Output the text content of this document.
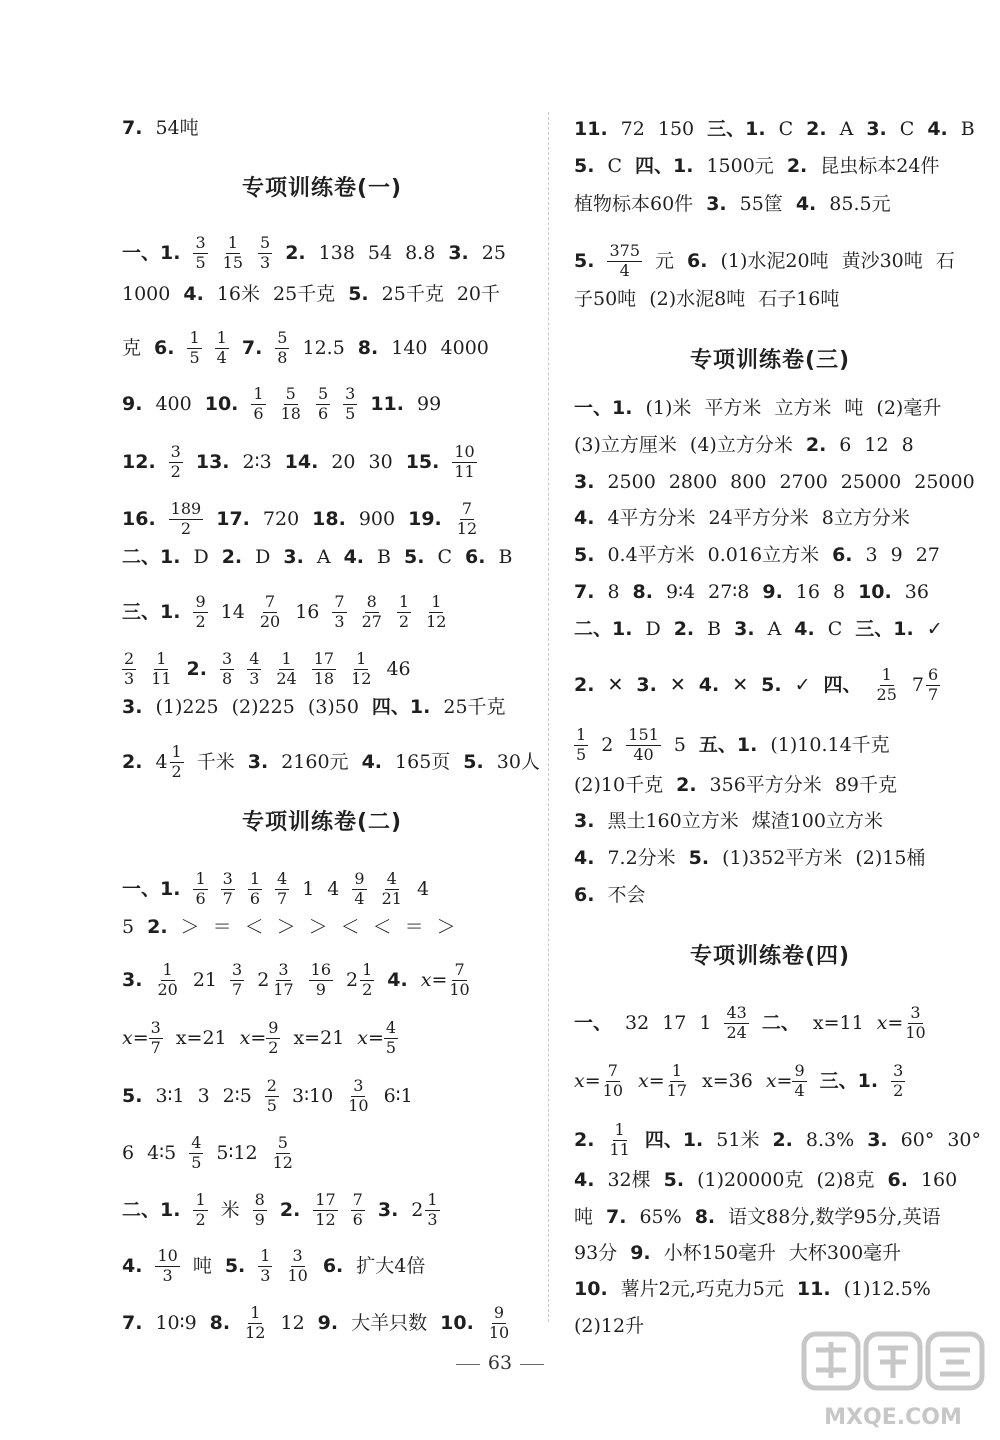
7. 54吨
专项训练卷(一)
一、1. $\frac{3}{5} \frac{1}{15} \frac{5}{3} 2$. 138 54 8.8 3. 25
1000 4. 16米 25千克 5. 25千克 20千
克 6. $\frac{1}{5} \frac{1}{4} 7$. $\frac{5}{8} 12.5$ 8. 140 4000
9. 400 10. $\frac{1}{6} \frac{5}{18} \frac{5}{6} \frac{3}{5} 11$. 99
12. $\frac{3}{2} 13$. 2∶3 14. 20 30 15. $\frac{10}{11}$
16. $\frac{189}{2} 17$. 720 18. 900 19. $\frac{7}{12}$
二、1. D 2. D 3. A 4. B 5. C 6. B
三、1. $\frac{9}{2} 14 \frac{7}{20} 16 \frac{7}{3} \frac{8}{27} \frac{1}{2} \frac{1}{12}$
$\frac{2}{3} \frac{1}{11} 2$. $\frac{3}{8} \frac{4}{3} \frac{1}{24} \frac{17}{18} \frac{1}{12} 46$
3. (1)225 (2)225 (3)50 四、1. 25千克
2. $4 \frac{1}{2}$ 千米 3. 2160元 4. 165页 5. 30人
专项训练卷(二)
一、1. $\frac{1}{6} \frac{3}{7} \frac{1}{6} \frac{4}{7} 1$ $4 \frac{9}{4} \frac{4}{21} 4$
5 2. ＞ ＝ ＜ ＞ ＞ ＜ ＜ ＝ ＞
3. $\frac{1}{20} 21 \frac{3}{7} 2 \frac{3}{17} \frac{16}{9} 2 \frac{1}{2} 4$. $x= \frac{7}{10}$
$x= \frac{3}{7} x=21$ $x= \frac{9}{2} x=21$ $x= \frac{4}{5}$
5. 3∶1 3 2∶5 $\frac{2}{5}$ 3∶10 $\frac{3}{10}$ 6∶1
6 4∶5 $\frac{4}{5}$ 5∶12 $\frac{5}{12}$
二、1. $\frac{1}{2}$ 米 $\frac{8}{9} 2$. $\frac{17}{12} \frac{7}{6} 3$. $2 \frac{1}{3}$
4. $\frac{10}{3}$ 吨 5. $\frac{1}{3} \frac{3}{10} 6$. 扩大4倍
7. 10∶9 8. $\frac{1}{12} 12$ 9. 大羊只数 10. $\frac{9}{10}$
11. 72 150 三、1. C 2. A 3. C 4. B
5. C 四、1. 1500元 2. 昆虫标本24件
植物标本60件 3. 55筐 4. 85.5元
5. $\frac{375}{4}$ 元 6. (1)水泥20吨 黄沙30吨 石
子50吨 (2)水泥8吨 石子16吨
专项训练卷(三)
一、1. (1)米 平方米 立方米 吨 (2)毫升
(3)立方厘米 (4)立方分米 2. 6 12 8
3. 2500 2800 800 2700 25000 25000
4. 4平方分米 24平方分米 8立方分米
5. 0.4平方米 0.016立方米 6. 3 9 27
7. 8 8. 9∶4 27∶8 9. 16 8 10. 36
二、1. D 2. B 3. A 4. C 三、1. ✓
2. ✕ 3. ✕ 4. ✕ 5. ✓ 四、 $\frac{1}{25} 7 \frac{6}{7}$
$\frac{1}{5} 2 \frac{151}{40} 5$ 五、1. (1)10.14千克
(2)10千克 2. 356平方分米 89千克
3. 黑土160立方米 煤渣100立方米
4. 7.2分米 5. (1)352平方米 (2)15桶
6. 不会
专项训练卷(四)
一、 32 17 $1 \frac{43}{24}$ 二、 x=11 $x= \frac{3}{10}$
$x= \frac{7}{10} x= \frac{1}{17} x=36$ $x= \frac{9}{4}$ 三、1. $\frac{3}{2}$
2. $\frac{1}{11}$ 四、1. 51米 2. 8.3% 3. 60° 30°
4. 32棵 5. (1)20000克 (2)8克 6. 160
吨 7. 65% 8. 语文88分,数学95分,英语
93分 9. 小杯150毫升 大杯300毫升
10. 薯片2元,巧克力5元 11. (1)12.5%
(2)12升
63
MXQE.COM
